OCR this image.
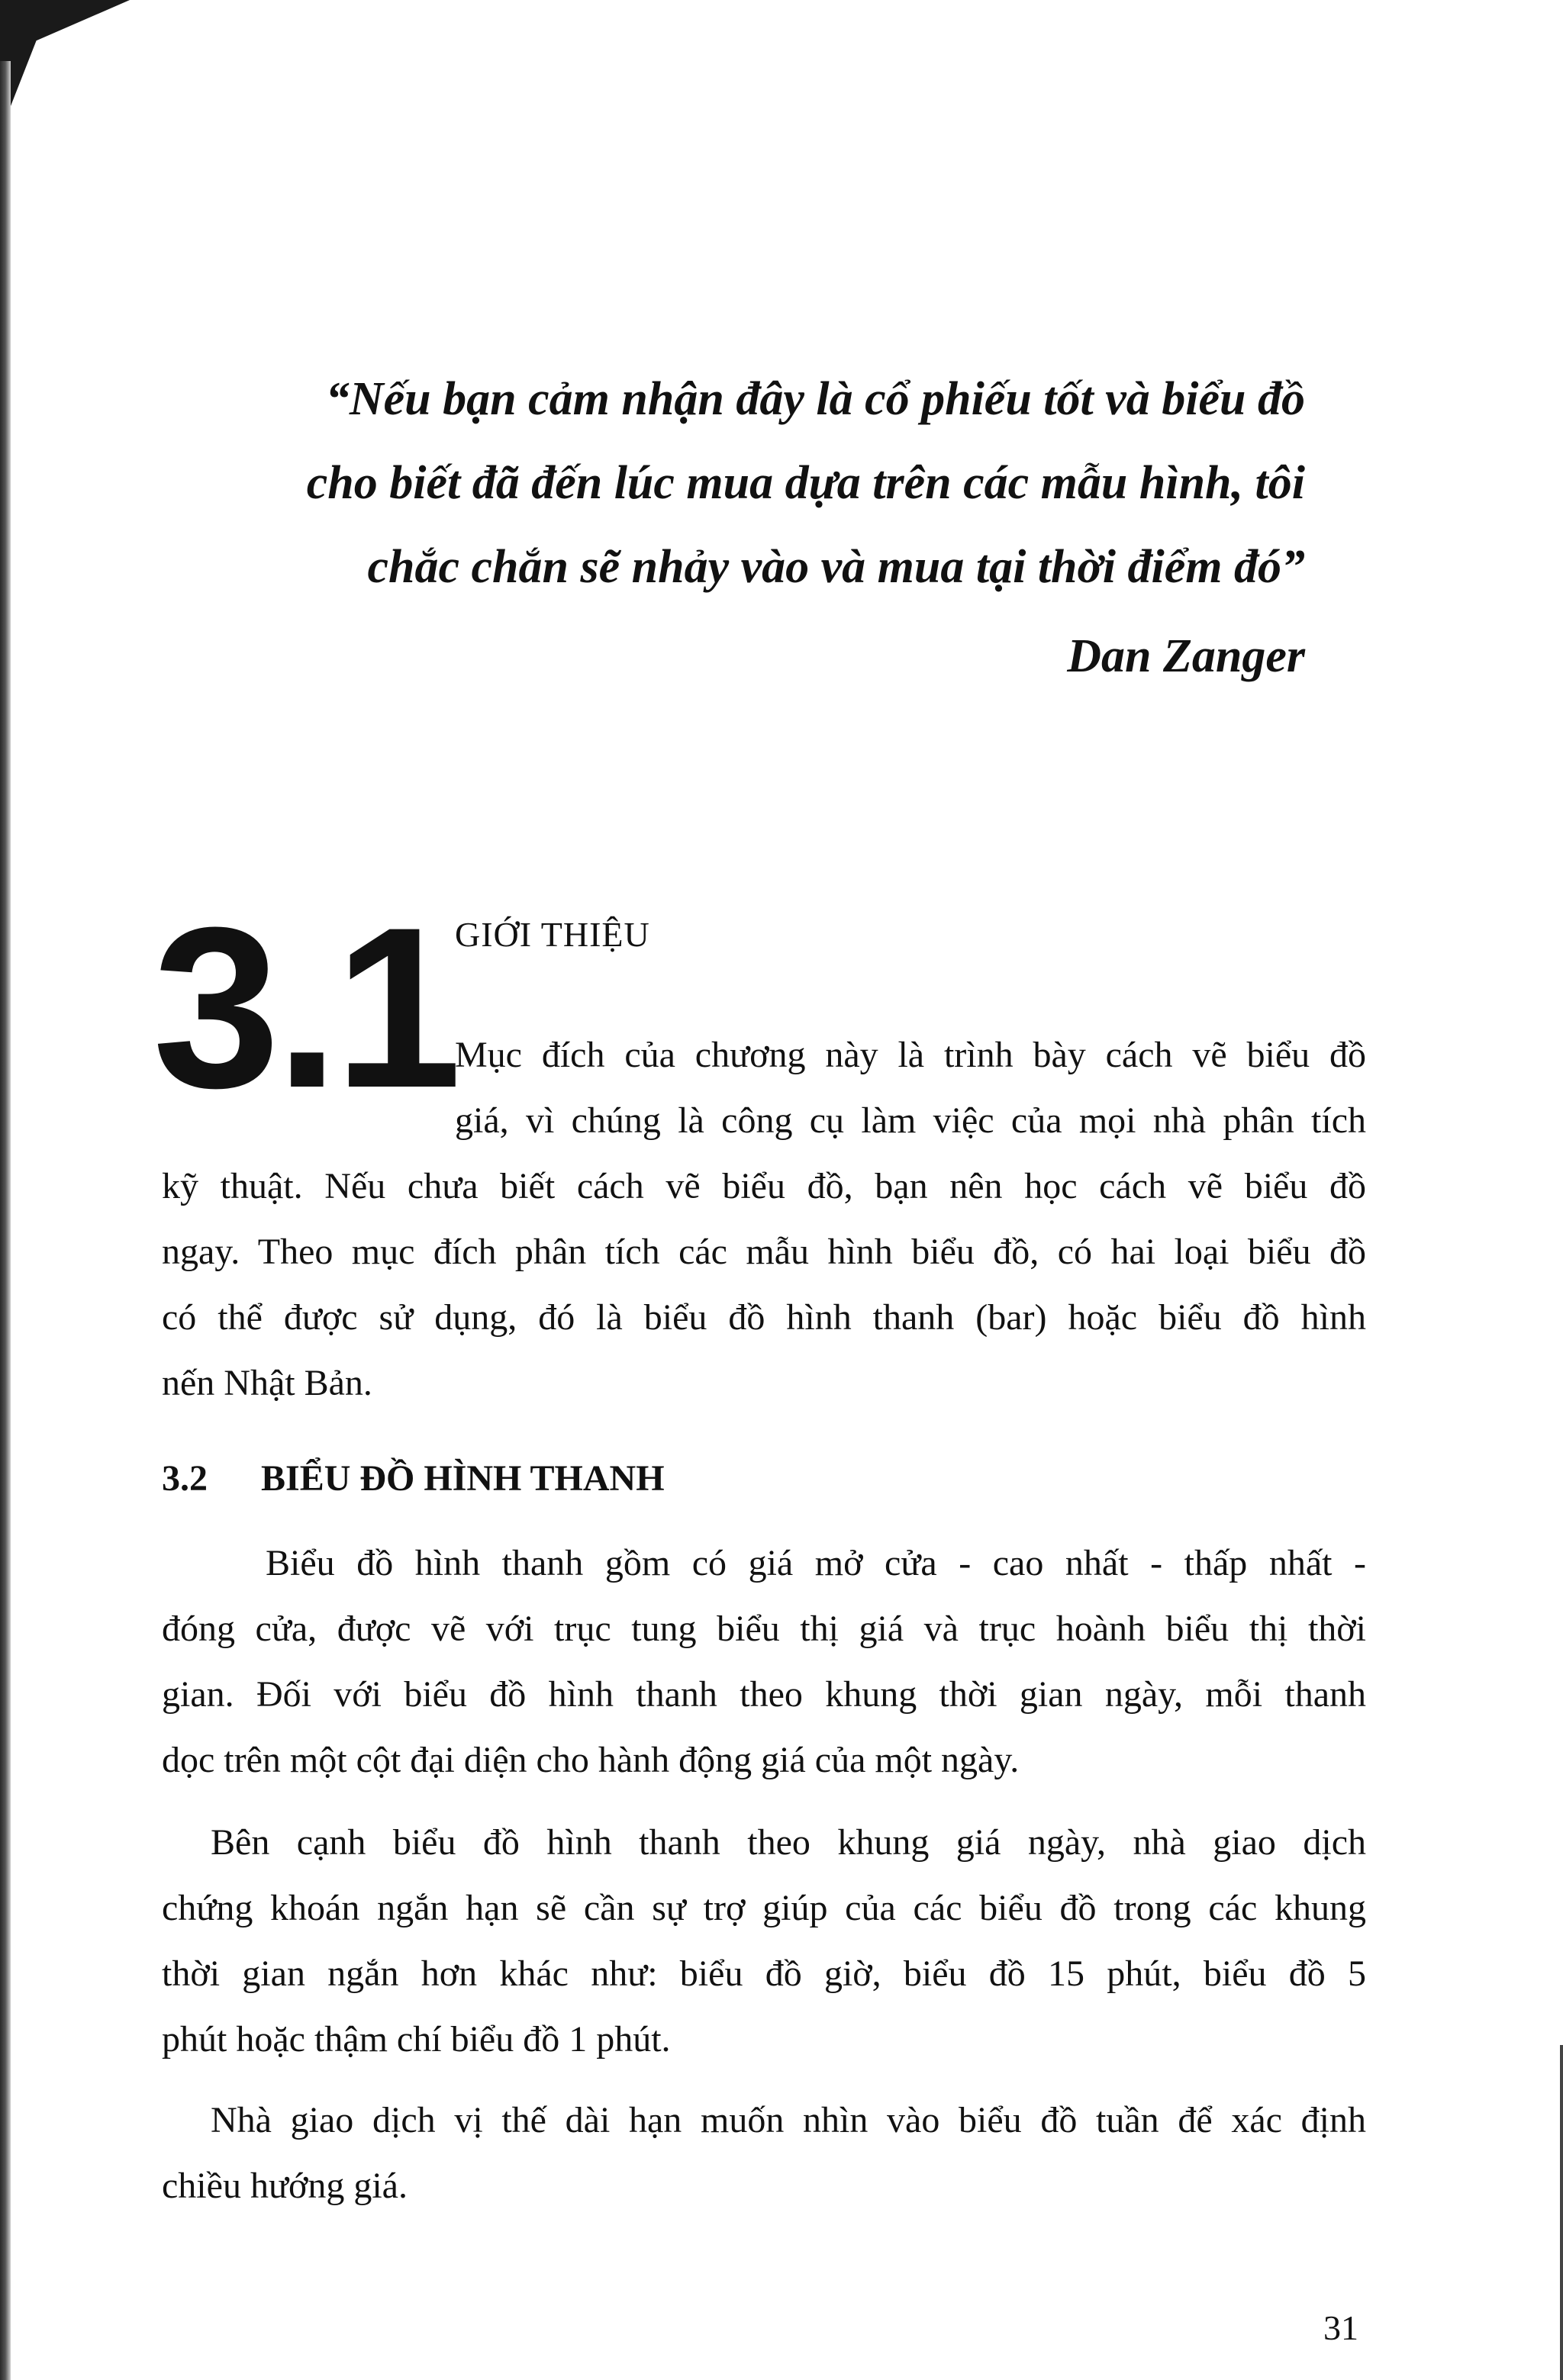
“Nếu bạn cảm nhận đây là cổ phiếu tốt và biểu đồ
cho biết đã đến lúc mua dựa trên các mẫu hình, tôi
chắc chắn sẽ nhảy vào và mua tại thời điểm đó”
Dan Zanger
3.1
GIỚI THIỆU
Mục đích của chương này là trình bày cách vẽ biểu đồ
giá, vì chúng là công cụ làm việc của mọi nhà phân tích
kỹ thuật. Nếu chưa biết cách vẽ biểu đồ, bạn nên học cách vẽ biểu đồ
ngay. Theo mục đích phân tích các mẫu hình biểu đồ, có hai loại biểu đồ
có thể được sử dụng, đó là biểu đồ hình thanh (bar) hoặc biểu đồ hình
nến Nhật Bản.
3.2 BIỂU ĐỒ HÌNH THANH
Biểu đồ hình thanh gồm có giá mở cửa - cao nhất - thấp nhất -
đóng cửa, được vẽ với trục tung biểu thị giá và trục hoành biểu thị thời
gian. Đối với biểu đồ hình thanh theo khung thời gian ngày, mỗi thanh
dọc trên một cột đại diện cho hành động giá của một ngày.
Bên cạnh biểu đồ hình thanh theo khung giá ngày, nhà giao dịch
chứng khoán ngắn hạn sẽ cần sự trợ giúp của các biểu đồ trong các khung
thời gian ngắn hơn khác như: biểu đồ giờ, biểu đồ 15 phút, biểu đồ 5
phút hoặc thậm chí biểu đồ 1 phút.
Nhà giao dịch vị thế dài hạn muốn nhìn vào biểu đồ tuần để xác định
chiều hướng giá.
31
